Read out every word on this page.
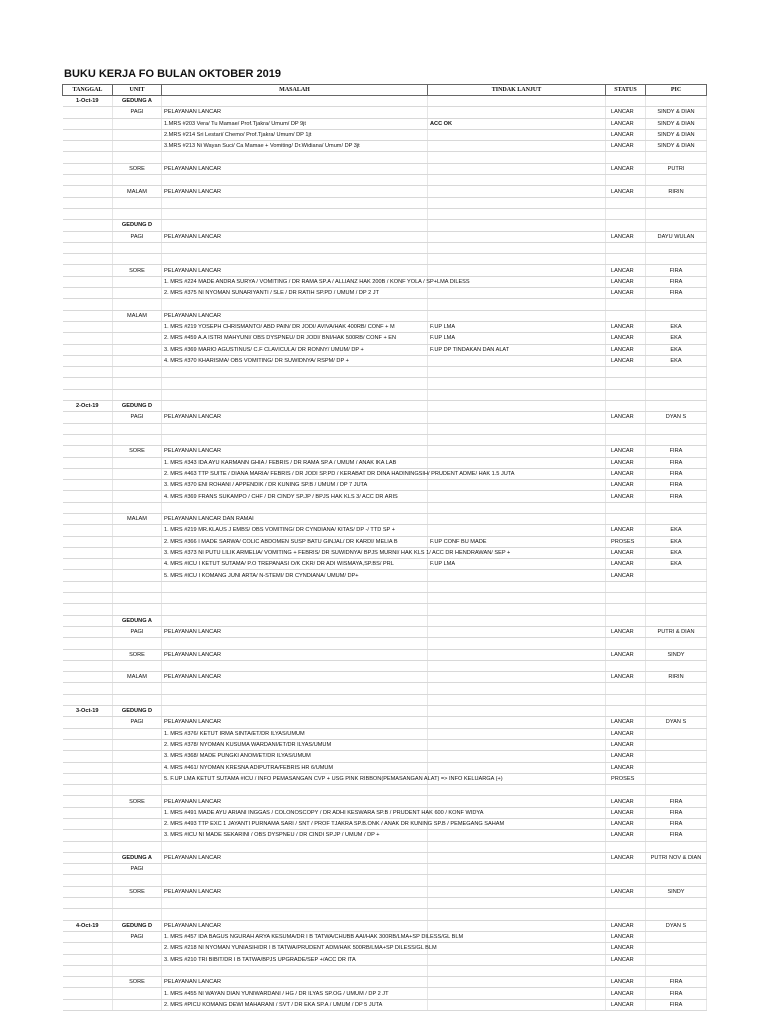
BUKU KERJA FO BULAN OKTOBER 2019
TANGGAL	UNIT	MASALAH	TINDAK LANJUT	STATUS	PIC
1-Oct-19	GEDUNG A				
	PAGI	PELAYANAN LANCAR		LANCAR	SINDY & DIAN
		1.MRS #203 Vera/ Tu Mamae/ Prof.Tjakra/ Umum/ DP 9jt	ACC OK	LANCAR	SINDY & DIAN
		2.MRS #214 Sri Lestari/ Chemo/ Prof.Tjakra/ Umum/ DP 1jt		LANCAR	SINDY & DIAN
		3.MRS #213 Ni Wayan Suci/ Ca Mamae + Vomiting/ Dr.Widiana/ Umum/ DP 3jt		LANCAR	SINDY & DIAN

	SORE	PELAYANAN LANCAR		LANCAR	PUTRI

	MALAM	PELAYANAN LANCAR		LANCAR	RIRIN

	GEDUNG D				
	PAGI	PELAYANAN LANCAR		LANCAR	DAYU WULAN

	SORE	PELAYANAN LANCAR		LANCAR	FIRA
		1. MRS #224 MADE ANDRA SURYA / VOMITING / DR RAMA SP.A / ALLIANZ HAK 200B / KONF YOLA / SP+LMA DILESS		LANCAR	FIRA
		2. MRS #375 NI NYOMAN SUNARIYANTI / SLE / DR RATIH SP.PD / UMUM / DP 2 JT		LANCAR	FIRA

	MALAM	PELAYANAN LANCAR			
		1. MRS #219 YOSEPH CHRISMANTO/ ABD PAIN/ DR JODI/ AVIVA/HAK 400RB/ CONF + M	F.UP LMA	LANCAR	EKA
		2. MRS #459 A.A ISTRI MAHYUNI/ OBS DYSPNEU/ DR JODI/ BNI/HAK 500RB/ CONF + EN	F.UP LMA	LANCAR	EKA
		3. MRS #369 MARIO AGUSTINUS/ C.F CLAVICULA/ DR RONNY/ UMUM/ DP +	F.UP DP TINDAKAN DAN ALAT	LANCAR	EKA
		4. MRS #370 KHARISMA/ OBS VOMITING/ DR SUWIDNYA/ RSPM/ DP +		LANCAR	EKA

2-Oct-19	GEDUNG D				
	PAGI	PELAYANAN LANCAR		LANCAR	DYAN S

	SORE	PELAYANAN LANCAR		LANCAR	FIRA
		1. MRS #343 IDA AYU KARMANN GHIA / FEBRIS / DR RAMA SP.A / UMUM / ANAK IKA LAB		LANCAR	FIRA
		2. MRS #463 TTP SUITE / DIANA MARIA/ FEBRIS / DR JODI SP.PD / KERABAT DR DINA HADININGSIH/ PRUDENT ADME/ HAK 1.5 JUTA		LANCAR	FIRA
		3. MRS #370 ENI ROHANI / APPENDIK / DR KUNING SP.B / UMUM / DP 7 JUTA		LANCAR	FIRA
		4. MRS #369 FRANS SUKAMPO / CHF / DR CINDY SP.JP / BPJS HAK KLS 3/ ACC DR ARIS		LANCAR	FIRA

	MALAM	PELAYANAN LANCAR DAN RAMAI			
		1. MRS #219 MR.KLAUS J EMBS/ OBS VOMITING/ DR CYNDIANA/ KITAS/ DP -/ TTD SP +		LANCAR	EKA
		2. MRS #366 I MADE SARWA/ COLIC ABDOMEN SUSP BATU GINJAL/ DR KARDI/ MELIA B	F.UP CONF BU MADE	PROSES	EKA
		3. MRS #373 NI PUTU LILIK ARMELIA/ VOMITING + FEBRIS/ DR SUWIDNYA/ BPJS MURNI/ HAK KLS 1/ ACC DR HENDRAWAN/ SEP +		LANCAR	EKA
		4. MRS #ICU I KETUT SUTAMA/ P.O TREPANASI O/K CKR/ DR ADI WISMAYA,SP.BS/ PRL	F.UP LMA	LANCAR	EKA
		5. MRS #ICU I KOMANG JUNI ARTA/ N-STEMI/ DR CYNDIANA/ UMUM/ DP+		LANCAR	

	GEDUNG A				
	PAGI	PELAYANAN LANCAR		LANCAR	PUTRI & DIAN

	SORE	PELAYANAN LANCAR		LANCAR	SINDY

	MALAM	PELAYANAN LANCAR		LANCAR	RIRIN

3-Oct-19	GEDUNG D				
	PAGI	PELAYANAN LANCAR		LANCAR	DYAN S
		1. MRS #376/ KETUT IRMA SINTA/ET/DR ILYAS/UMUM		LANCAR	
		2. MRS #378/ NYOMAN KUSUMA WARDANI/ET/DR ILYAS/UMUM		LANCAR	
		3. MRS #368/ MADE PUNGKI ANOM/ET/DR ILYAS/UMUM		LANCAR	
		4. MRS #461/ NYOMAN KRESNA ADIPUTRA/FEBRIS HR 6/UMUM		LANCAR	
		5. F.UP LMA KETUT SUTAMA #ICU / INFO PEMASANGAN CVP + USG PINK RIBBON(PEMASANGAN ALAT) => INFO KELUARGA (+)		PROSES	

	SORE	PELAYANAN LANCAR		LANCAR	FIRA
		1. MRS #491 MADE AYU ARIANI INGGAS / COLONOSCOPY / DR ADHI KESWARA SP.B / PRUDENT HAK 600 / KONF WIDYA		LANCAR	FIRA
		2. MRS #493 TTP EXC 1 JAYANTI PURNAMA SARI / SNT / PROF TJAKRA SP.B.ONK / ANAK DR KUNING SP.B / PEMEGANG SAHAM		LANCAR	FIRA
		3. MRS #ICU NI MADE SEKARINI / OBS DYSPNEU / DR CINDI SP.JP / UMUM / DP +		LANCAR	FIRA

	GEDUNG A	PELAYANAN LANCAR		LANCAR	PUTRI NOV & DIAN
	PAGI				

	SORE	PELAYANAN LANCAR		LANCAR	SINDY

4-Oct-19	GEDUNG D	PELAYANAN LANCAR		LANCAR	DYAN S
	PAGI	1. MRS #457 IDA BAGUS NGURAH ARYA KESUMA/DR I B TATWA/CHUBB AAI/HAK 300RB/LMA+SP DILESS/GL BLM		LANCAR	
		2. MRS #218 NI NYOMAN YUNIASIH/DR I B TATWA/PRUDENT ADM/HAK 500RB/LMA+SP DILESS/GL BLM		LANCAR	
		3. MRS #210 TRI BIBIT/DR I B TATWA/BPJS UPGRADE/SEP +/ACC DR ITA		LANCAR	

	SORE	PELAYANAN LANCAR		LANCAR	FIRA
		1. MRS #455 NI WAYAN DIAN YUNIWARDANI / HG / DR ILYAS SP.OG / UMUM / DP 2 JT		LANCAR	FIRA
		2. MRS #PICU KOMANG DEWI MAHARANI / SVT / DR EKA SP.A / UMUM / DP 5 JUTA		LANCAR	FIRA
